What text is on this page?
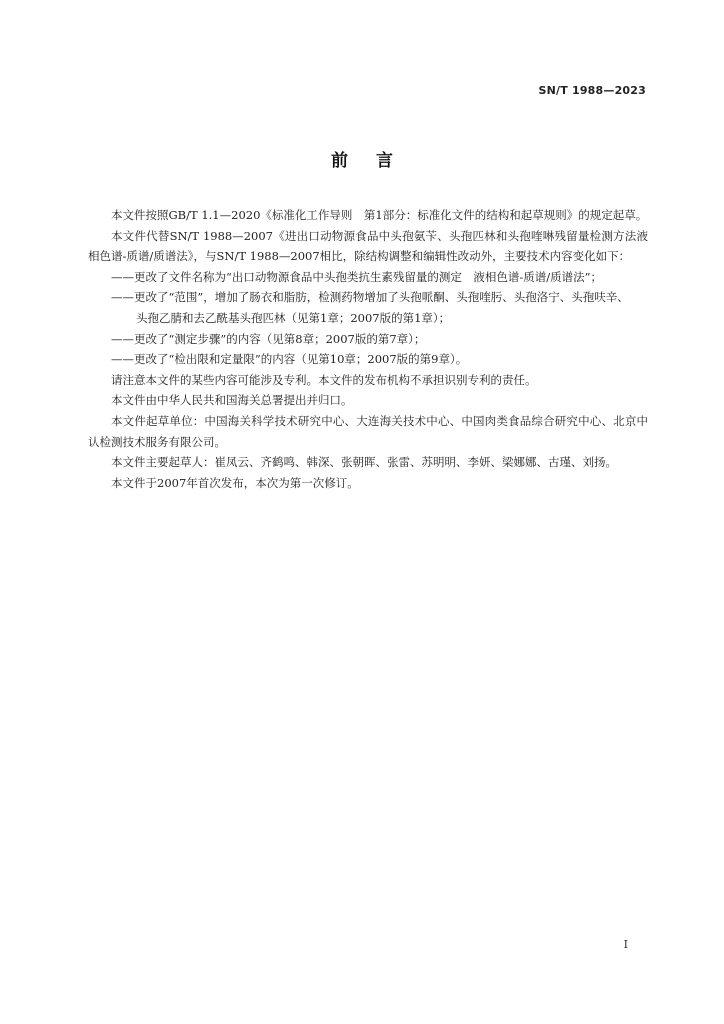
SN/T 1988—2023
前言

本文件按照GB/T 1.1—2020《标准化工作导则　第1部分：标准化文件的结构和起草规则》的规定起草。

本文件代替SN/T 1988—2007《进出口动物源食品中头孢氨苄、头孢匹林和头孢喹啉残留量检测方法液相色谱-质谱/质谱法》，与SN/T 1988—2007相比，除结构调整和编辑性改动外，主要技术内容变化如下：

——更改了文件名称为“出口动物源食品中头孢类抗生素残留量的测定　液相色谱-质谱/质谱法”；

——更改了“范围”，增加了肠衣和脂肪，检测药物增加了头孢哌酮、头孢喹肟、头孢洛宁、头孢呋辛、
头孢乙腈和去乙酰基头孢匹林（见第1章；2007版的第1章）；

——更改了“测定步骤”的内容（见第8章；2007版的第7章）；

——更改了“检出限和定量限”的内容（见第10章；2007版的第9章）。

请注意本文件的某些内容可能涉及专利。本文件的发布机构不承担识别专利的责任。

本文件由中华人民共和国海关总署提出并归口。

本文件起草单位：中国海关科学技术研究中心、大连海关技术中心、中国肉类食品综合研究中心、北京中认检测技术服务有限公司。

本文件主要起草人：崔凤云、齐鹤鸣、韩深、张朝晖、张雷、苏明明、李妍、梁娜娜、古瑾、刘扬。

本文件于2007年首次发布，本次为第一次修订。

I
